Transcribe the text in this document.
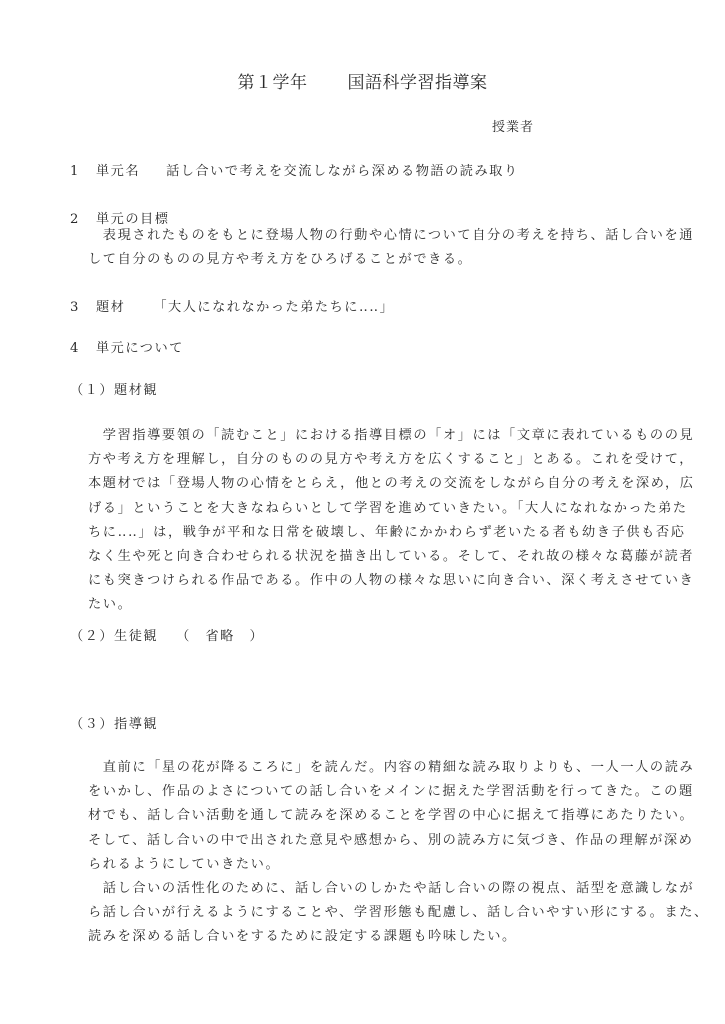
第１学年 国語科学習指導案
授業者
1 単元名 話し合いで考えを交流しながら深める物語の読み取り
2 単元の目標
　表現されたものをもとに登場人物の行動や心情について自分の考えを持ち、話し合いを通
して自分のものの見方や考え方をひろげることができる。
3 題材 「大人になれなかった弟たちに‥‥」
4 単元について
（１）題材観
　学習指導要領の「読むこと」における指導目標の「オ」には「文章に表れているものの見
方や考え方を理解し，自分のものの見方や考え方を広くすること」とある。これを受けて，
本題材では「登場人物の心情をとらえ，他との考えの交流をしながら自分の考えを深め，広
げる」ということを大きなねらいとして学習を進めていきたい。「大人になれなかった弟た
ちに‥‥」は，戦争が平和な日常を破壊し、年齢にかかわらず老いたる者も幼き子供も否応
なく生や死と向き合わせられる状況を描き出している。そして、それ故の様々な葛藤が読者
にも突きつけられる作品である。作中の人物の様々な思いに向き合い、深く考えさせていき
たい。
（２）生徒観 （　省略　）
（３）指導観
　直前に「星の花が降るころに」を読んだ。内容の精細な読み取りよりも、一人一人の読み
をいかし、作品のよさについての話し合いをメインに据えた学習活動を行ってきた。この題
材でも、話し合い活動を通して読みを深めることを学習の中心に据えて指導にあたりたい。
そして、話し合いの中で出された意見や感想から、別の読み方に気づき、作品の理解が深め
られるようにしていきたい。
　話し合いの活性化のために、話し合いのしかたや話し合いの際の視点、話型を意識しなが
ら話し合いが行えるようにすることや、学習形態も配慮し、話し合いやすい形にする。また、
読みを深める話し合いをするために設定する課題も吟味したい。
